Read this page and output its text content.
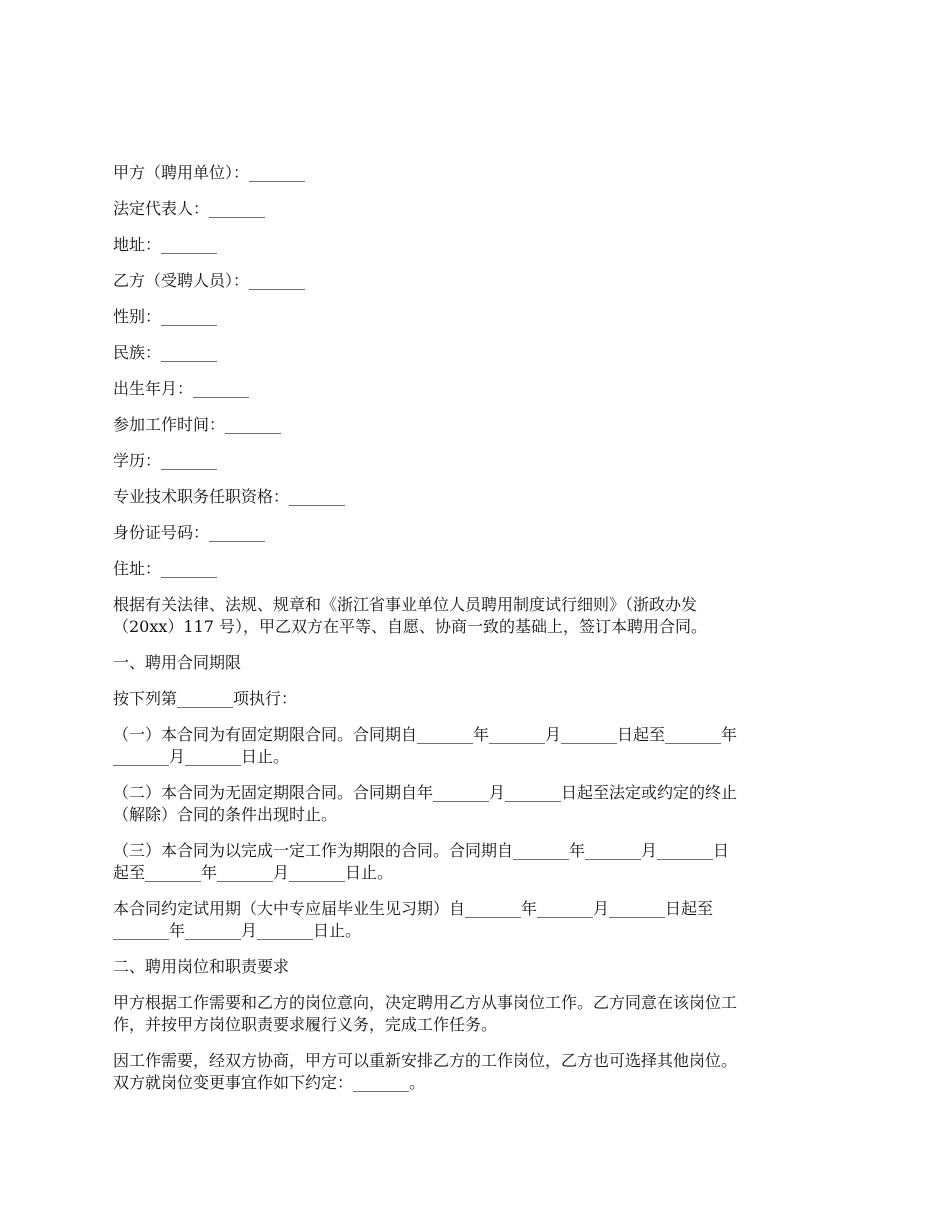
甲方（聘用单位）：_______
法定代表人：_______
地址：_______
乙方（受聘人员）：_______
性别：_______
民族：_______
出生年月：_______
参加工作时间：_______
学历：_______
专业技术职务任职资格：_______
身份证号码：_______
住址：_______
根据有关法律、法规、规章和《浙江省事业单位人员聘用制度试行细则》（浙政办发
（20xx）117 号），甲乙双方在平等、自愿、协商一致的基础上，签订本聘用合同。
一、聘用合同期限
按下列第_______项执行：
（一）本合同为有固定期限合同。合同期自_______年_______月_______日起至_______年
_______月_______日止。
（二）本合同为无固定期限合同。合同期自年_______月_______日起至法定或约定的终止
（解除）合同的条件出现时止。
（三）本合同为以完成一定工作为期限的合同。合同期自_______年_______月_______日
起至_______年_______月_______日止。
本合同约定试用期（大中专应届毕业生见习期）自_______年_______月_______日起至
_______年_______月_______日止。
二、聘用岗位和职责要求
甲方根据工作需要和乙方的岗位意向，决定聘用乙方从事岗位工作。乙方同意在该岗位工
作，并按甲方岗位职责要求履行义务，完成工作任务。
因工作需要，经双方协商，甲方可以重新安排乙方的工作岗位，乙方也可选择其他岗位。
双方就岗位变更事宜作如下约定：_______。
